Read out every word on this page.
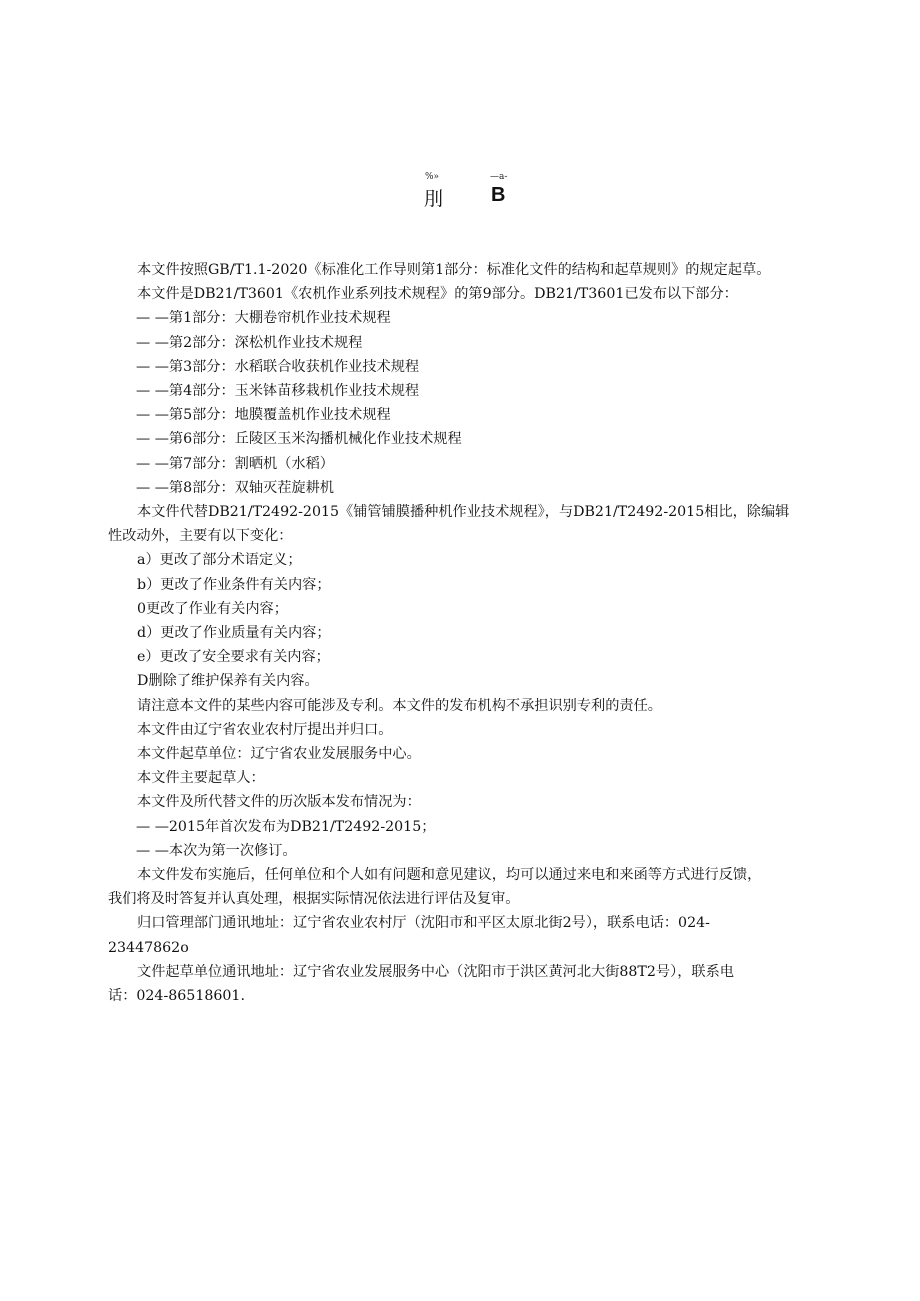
%»	—a-
刖 B
本文件按照GB/T1.1-2020《标准化工作导则第1部分：标准化文件的结构和起草规则》的规定起草。
本文件是DB21/T3601《农机作业系列技术规程》的第9部分。DB21/T3601已发布以下部分：
— —第1部分：大棚卷帘机作业技术规程
— —第2部分：深松机作业技术规程
— —第3部分：水稻联合收获机作业技术规程
— —第4部分：玉米钵苗移栽机作业技术规程
— —第5部分：地膜覆盖机作业技术规程
— —第6部分：丘陵区玉米沟播机械化作业技术规程
— —第7部分：割晒机（水稻）
— —第8部分：双轴灭茬旋耕机
本文件代替DB21/T2492-2015《铺管铺膜播种机作业技术规程》，与DB21/T2492-2015相比，除编辑
性改动外，主要有以下变化：
a）更改了部分术语定义；
b）更改了作业条件有关内容；
0更改了作业有关内容；
d）更改了作业质量有关内容；
e）更改了安全要求有关内容；
D删除了维护保养有关内容。
请注意本文件的某些内容可能涉及专利。本文件的发布机构不承担识别专利的责任。
本文件由辽宁省农业农村厅提出并归口。
本文件起草单位：辽宁省农业发展服务中心。
本文件主要起草人：
本文件及所代替文件的历次版本发布情况为：
— —2015年首次发布为DB21/T2492-2015；
— —本次为第一次修订。
本文件发布实施后，任何单位和个人如有问题和意见建议，均可以通过来电和来函等方式进行反馈，
我们将及时答复并认真处理，根据实际情况依法进行评估及复审。
归口管理部门通讯地址：辽宁省农业农村厅（沈阳市和平区太原北街2号），联系电话：024-
23447862o
文件起草单位通讯地址：辽宁省农业发展服务中心（沈阳市于洪区黄河北大街88T2号），联系电
话：024-86518601.
